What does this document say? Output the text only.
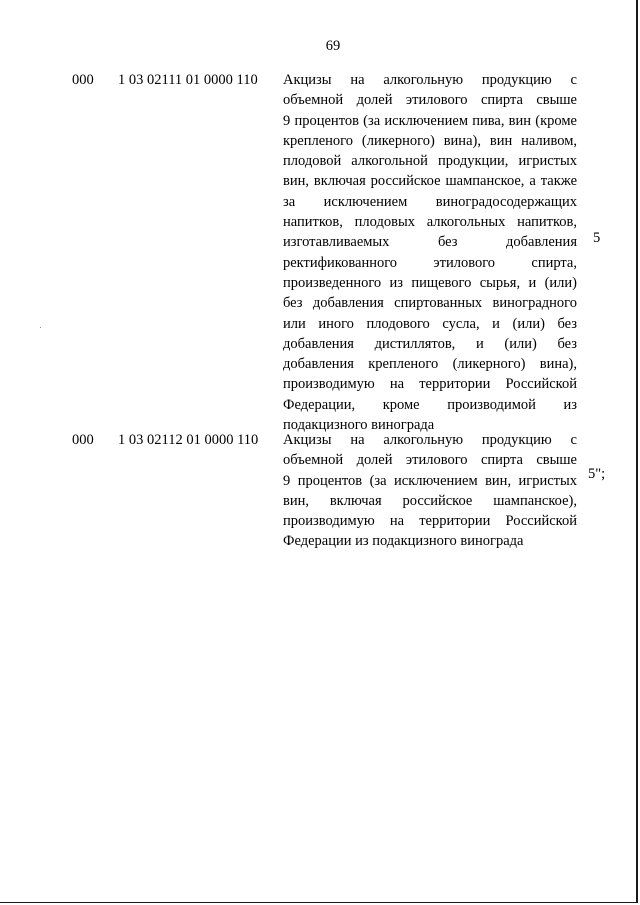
69
000 1 03 02111 01 0000 110 Акцизы на алкогольную продукцию с
объемной долей этилового спирта свыше
9 процентов (за исключением пива, вин (кроме
крепленого (ликерного) вина), вин наливом,
плодовой алкогольной продукции, игристых
вин, включая российское шампанское, а также
за исключением виноградосодержащих
напитков, плодовых алкогольных напитков,
изготавливаемых без добавления
ректификованного этилового спирта,
произведенного из пищевого сырья, и (или)
без добавления спиртованных виноградного
или иного плодового сусла, и (или) без
добавления дистиллятов, и (или) без
добавления крепленого (ликерного) вина),
производимую на территории Российской
Федерации, кроме производимой из
подакцизного винограда
5
000 1 03 02112 01 0000 110 Акцизы на алкогольную продукцию с
объемной долей этилового спирта свыше
9 процентов (за исключением вин, игристых
вин, включая российское шампанское),
производимую на территории Российской
Федерации из подакцизного винограда
5";
